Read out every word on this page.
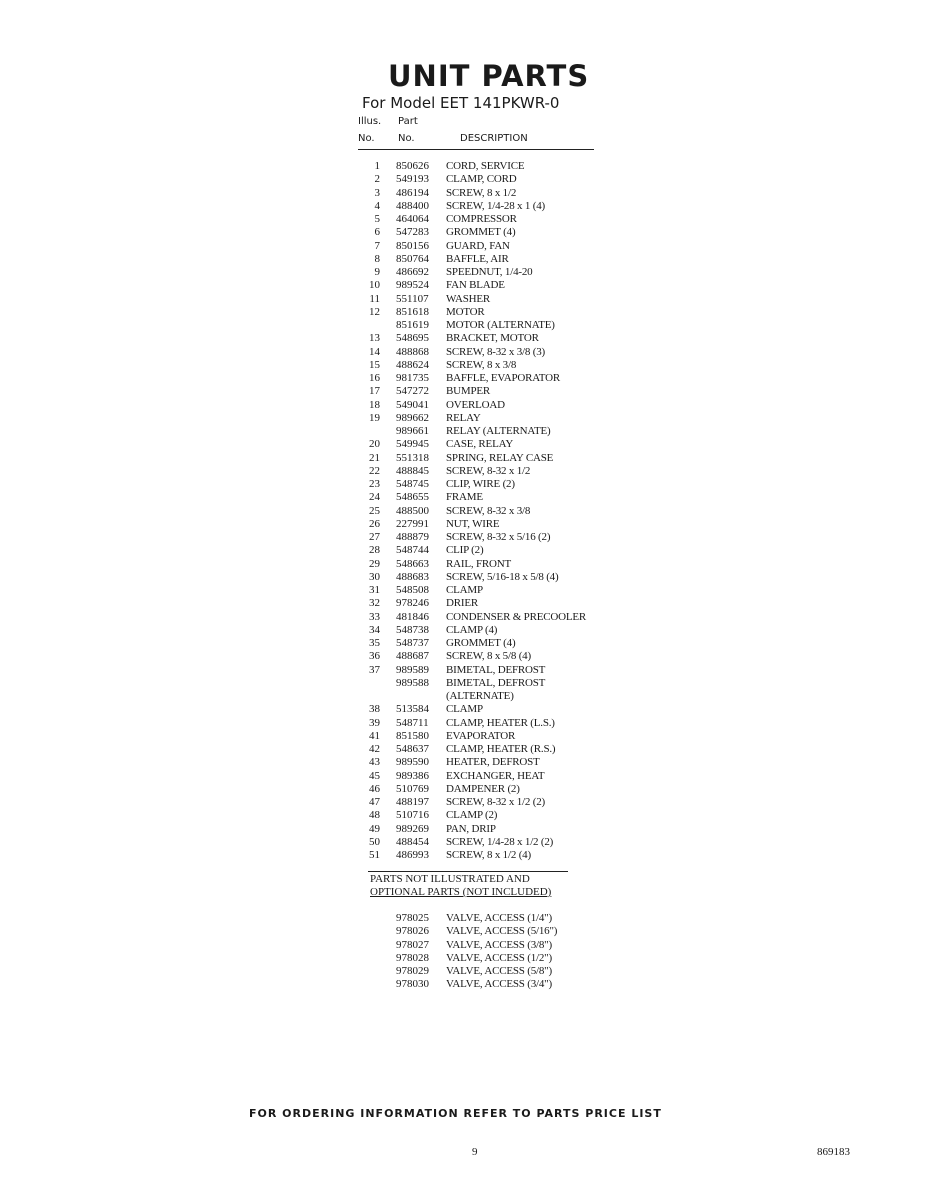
UNIT PARTS
For Model EET 141PKWR-0
Illus. Part
No. No.	DESCRIPTION
1 850626 CORD, SERVICE
2 549193 CLAMP, CORD
3 486194 SCREW, 8 x 1/2
4 488400 SCREW, 1/4-28 x 1 (4)
5 464064 COMPRESSOR
6 547283 GROMMET (4)
7 850156 GUARD, FAN
8 850764 BAFFLE, AIR
9 486692 SPEEDNUT, 1/4-20
10 989524 FAN BLADE
11 551107 WASHER
12 851618 MOTOR
851619 MOTOR (ALTERNATE)
13 548695 BRACKET, MOTOR
14 488868 SCREW, 8-32 x 3/8 (3)
15 488624 SCREW, 8 x 3/8
16 981735 BAFFLE, EVAPORATOR
17 547272 BUMPER
18 549041 OVERLOAD
19 989662 RELAY
989661 RELAY (ALTERNATE)
20 549945 CASE, RELAY
21 551318 SPRING, RELAY CASE
22 488845 SCREW, 8-32 x 1/2
23 548745 CLIP, WIRE (2)
24 548655 FRAME
25 488500 SCREW, 8-32 x 3/8
26 227991 NUT, WIRE
27 488879 SCREW, 8-32 x 5/16 (2)
28 548744 CLIP (2)
29 548663 RAIL, FRONT
30 488683 SCREW, 5/16-18 x 5/8 (4)
31 548508 CLAMP
32 978246 DRIER
33 481846 CONDENSER & PRECOOLER
34 548738 CLAMP (4)
35 548737 GROMMET (4)
36 488687 SCREW, 8 x 5/8 (4)
37 989589 BIMETAL, DEFROST
989588 BIMETAL, DEFROST
(ALTERNATE)
38 513584 CLAMP
39 548711 CLAMP, HEATER (L.S.)
41 851580 EVAPORATOR
42 548637 CLAMP, HEATER (R.S.)
43 989590 HEATER, DEFROST
45 989386 EXCHANGER, HEAT
46 510769 DAMPENER (2)
47 488197 SCREW, 8-32 x 1/2 (2)
48 510716 CLAMP (2)
49 989269 PAN, DRIP
50 488454 SCREW, 1/4-28 x 1/2 (2)
51 486993 SCREW, 8 x 1/2 (4)
PARTS NOT ILLUSTRATED AND
OPTIONAL PARTS (NOT INCLUDED)
978025 VALVE, ACCESS (1/4")
978026 VALVE, ACCESS (5/16")
978027 VALVE, ACCESS (3/8")
978028 VALVE, ACCESS (1/2")
978029 VALVE, ACCESS (5/8")
978030 VALVE, ACCESS (3/4")
FOR ORDERING INFORMATION REFER TO PARTS PRICE LIST
9	869183
